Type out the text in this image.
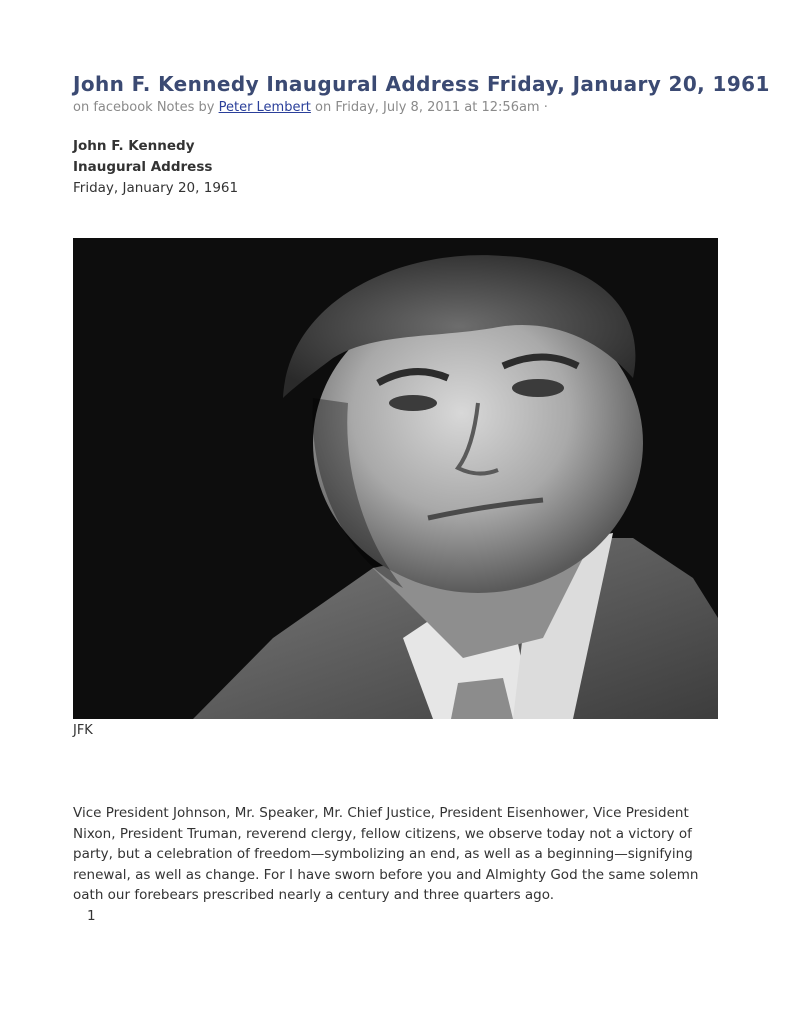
John F. Kennedy Inaugural Address Friday, January 20, 1961
on facebook Notes by Peter Lembert on Friday, July 8, 2011 at 12:56am ·
John F. Kennedy
Inaugural Address
Friday, January 20, 1961
JFK

Vice President Johnson, Mr. Speaker, Mr. Chief Justice, President Eisenhower, Vice President Nixon, President Truman, reverend clergy, fellow citizens, we observe today not a victory of party, but a celebration of freedom—symbolizing an end, as well as a beginning—signifying renewal, as well as change. For I have sworn before you and Almighty God the same solemn oath our forebears prescribed nearly a century and three quarters ago.

1
